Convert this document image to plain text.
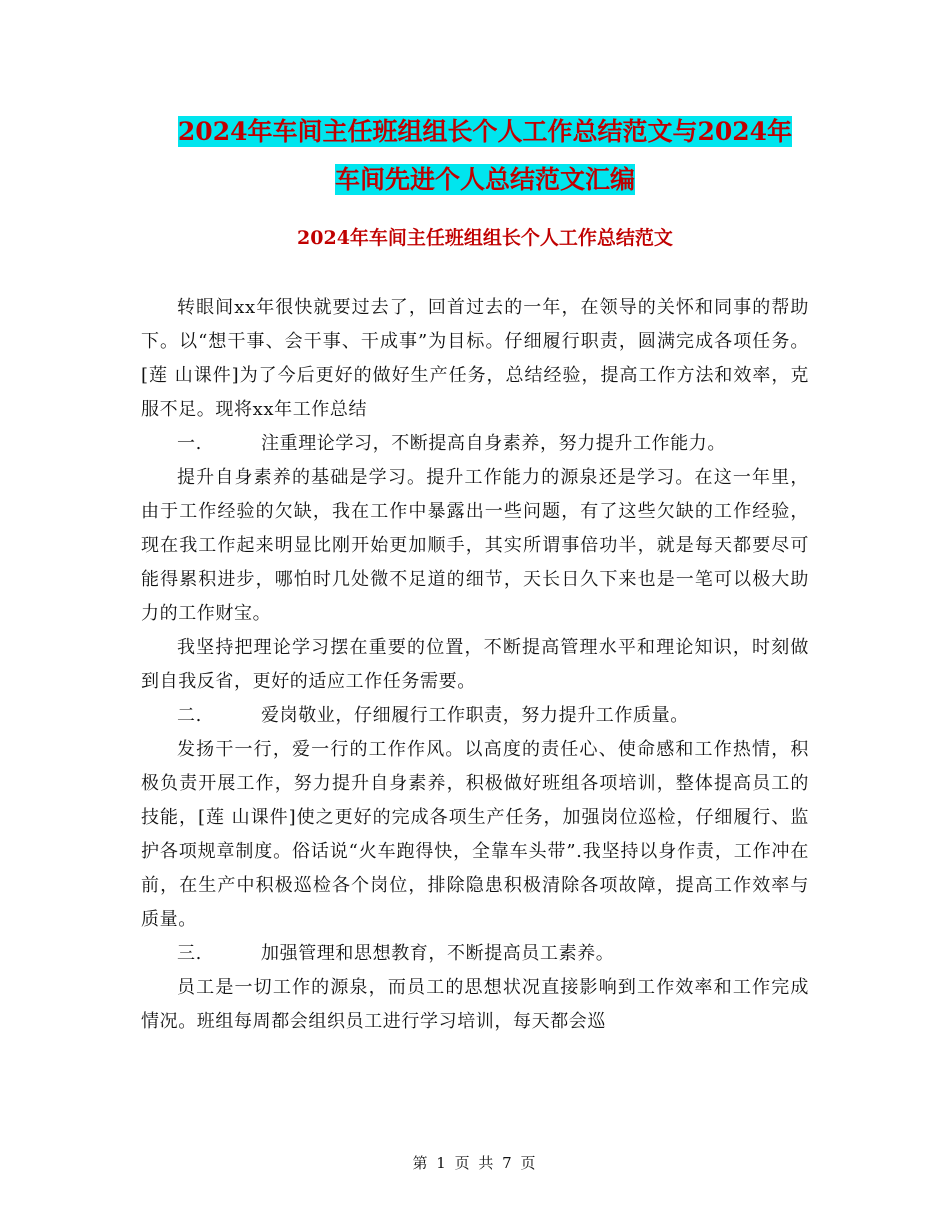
2024年车间主任班组组长个人工作总结范文与2024年
车间先进个人总结范文汇编
2024年车间主任班组组长个人工作总结范文

转眼间xx年很快就要过去了，回首过去的一年，在领导的关怀和同事的帮助下。以“想干事、会干事、干成事”为目标。仔细履行职责，圆满完成各项任务。[莲 山课件]为了今后更好的做好生产任务，总结经验，提高工作方法和效率，克服不足。现将xx年工作总结

一.	注重理论学习，不断提高自身素养，努力提升工作能力。

提升自身素养的基础是学习。提升工作能力的源泉还是学习。在这一年里，由于工作经验的欠缺，我在工作中暴露出一些问题，有了这些欠缺的工作经验，现在我工作起来明显比刚开始更加顺手，其实所谓事倍功半，就是每天都要尽可能得累积进步，哪怕时几处微不足道的细节，天长日久下来也是一笔可以极大助力的工作财宝。

我坚持把理论学习摆在重要的位置，不断提高管理水平和理论知识，时刻做到自我反省，更好的适应工作任务需要。

二.	爱岗敬业，仔细履行工作职责，努力提升工作质量。

发扬干一行，爱一行的工作作风。以高度的责任心、使命感和工作热情，积极负责开展工作，努力提升自身素养，积极做好班组各项培训，整体提高员工的技能，[莲 山课件]使之更好的完成各项生产任务，加强岗位巡检，仔细履行、监护各项规章制度。俗话说“火车跑得快，全靠车头带”.我坚持以身作责，工作冲在前，在生产中积极巡检各个岗位，排除隐患积极清除各项故障，提高工作效率与质量。

三.	加强管理和思想教育，不断提高员工素养。

员工是一切工作的源泉，而员工的思想状况直接影响到工作效率和工作完成情况。班组每周都会组织员工进行学习培训，每天都会巡

第 1 页 共 7 页
